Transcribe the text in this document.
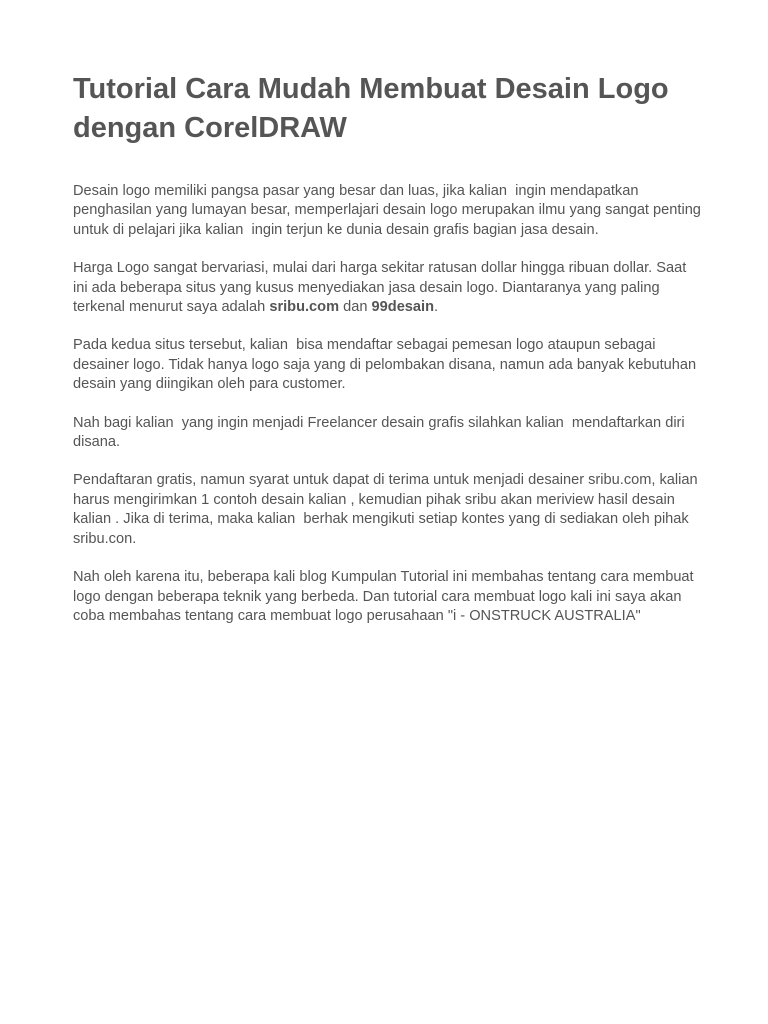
Tutorial Cara Mudah Membuat Desain Logo dengan CorelDRAW

Desain logo memiliki pangsa pasar yang besar dan luas, jika kalian  ingin mendapatkan penghasilan yang lumayan besar, memperlajari desain logo merupakan ilmu yang sangat penting untuk di pelajari jika kalian  ingin terjun ke dunia desain grafis bagian jasa desain.

Harga Logo sangat bervariasi, mulai dari harga sekitar ratusan dollar hingga ribuan dollar. Saat ini ada beberapa situs yang kusus menyediakan jasa desain logo. Diantaranya yang paling terkenal menurut saya adalah sribu.com dan 99desain.

Pada kedua situs tersebut, kalian  bisa mendaftar sebagai pemesan logo ataupun sebagai desainer logo. Tidak hanya logo saja yang di pelombakan disana, namun ada banyak kebutuhan desain yang diingikan oleh para customer.

Nah bagi kalian  yang ingin menjadi Freelancer desain grafis silahkan kalian  mendaftarkan diri disana.

Pendaftaran gratis, namun syarat untuk dapat di terima untuk menjadi desainer sribu.com, kalian  harus mengirimkan 1 contoh desain kalian , kemudian pihak sribu akan meriview hasil desain kalian . Jika di terima, maka kalian  berhak mengikuti setiap kontes yang di sediakan oleh pihak sribu.con.

Nah oleh karena itu, beberapa kali blog Kumpulan Tutorial ini membahas tentang cara membuat logo dengan beberapa teknik yang berbeda. Dan tutorial cara membuat logo kali ini saya akan coba membahas tentang cara membuat logo perusahaan "i - ONSTRUCK AUSTRALIA"
